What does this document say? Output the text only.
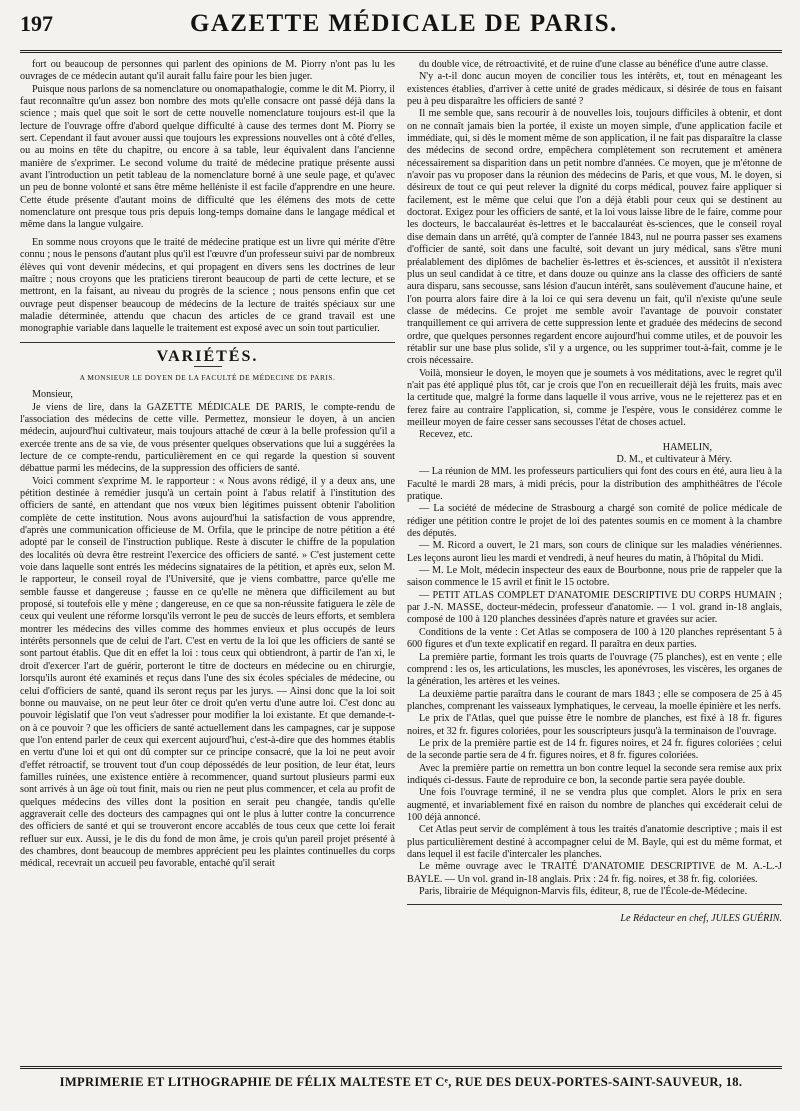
197	GAZETTE MÉDICALE DE PARIS.

fort ou beaucoup de personnes qui parlent des opinions de M. Piorry n'ont pas lu les ouvrages de ce médecin autant qu'il aurait fallu faire pour les bien juger.

Puisque nous parlons de sa nomenclature ou onomapathalogie, comme le dit M. Piorry, il faut reconnaître qu'un assez bon nombre des mots qu'elle consacre ont passé déjà dans la science ; mais quel que soit le sort de cette nouvelle nomenclature toujours est-il que la lecture de l'ouvrage offre d'abord quelque difficulté à cause des termes dont M. Piorry se sert. Cependant il faut avouer aussi que toujours les expressions nouvelles ont à côté d'elles, ou au moins en tête du chapitre, ou encore à sa table, leur équivalent dans l'ancienne manière de s'exprimer. Le second volume du traité de médecine pratique présente aussi avant l'introduction un petit tableau de la nomenclature borné à une seule page, et qu'avec un peu de bonne volonté et sans être même helléniste il est facile d'apprendre en une heure. Cette étude présente d'autant moins de difficulté que les élémens des mots de cette nomenclature ont presque tous pris depuis long-temps domaine dans le langage médical et même dans la langue vulgaire.

En somme nous croyons que le traité de médecine pratique est un livre qui mérite d'être connu ; nous le pensons d'autant plus qu'il est l'œuvre d'un professeur suivi par de nombreux élèves qui vont devenir médecins, et qui propagent en divers sens les doctrines de leur maître ; nous croyons que les praticiens tireront beaucoup de parti de cette lecture, et se mettront, en la faisant, au niveau du progrès de la science ; nous pensons enfin que cet ouvrage peut dispenser beaucoup de médecins de la lecture de traités spéciaux sur une maladie déterminée, attendu que chacun des articles de ce grand travail est une monographie variable dans laquelle le traitement est exposé avec un soin tout particulier.

VARIÉTÉS.
A MONSIEUR LE DOYEN DE LA FACULTÉ DE MÉDECINE DE PARIS.

Monsieur,

Je viens de lire, dans la GAZETTE MÉDICALE DE PARIS, le compte-rendu de l'association des médecins de cette ville. Permettez, monsieur le doyen, à un ancien médecin, aujourd'hui cultivateur, mais toujours attaché de cœur à la belle profession qu'il a exercée trente ans de sa vie, de vous présenter quelques observations que lui a suggérées la lecture de ce compte-rendu, particulièrement en ce qui regarde la question si souvent débattue parmi les médecins, de la suppression des officiers de santé.

Voici comment s'exprime M. le rapporteur : « Nous avons rédigé, il y a deux ans, une pétition destinée à remédier jusqu'à un certain point à l'abus relatif à l'institution des officiers de santé, en attendant que nos vœux bien légitimes puissent obtenir l'abolition complète de cette institution. Nous avons aujourd'hui la satisfaction de vous apprendre, d'après une communication officieuse de M. Orfila, que le principe de notre pétition a été adopté par le conseil de l'instruction publique. Reste à discuter le chiffre de la population des localités où devra être restreint l'exercice des officiers de santé. » C'est justement cette voie dans laquelle sont entrés les médecins signataires de la pétition, et après eux, selon M. le rapporteur, le conseil royal de l'Université, que je viens combattre, parce qu'elle me semble fausse et dangereuse ; fausse en ce qu'elle ne mènera que difficilement au but proposé, si toutefois elle y mène ; dangereuse, en ce que sa non-réussite fatiguera le zèle de ceux qui veulent une réforme lorsqu'ils verront le peu de succès de leurs efforts, et semblera montrer les médecins des villes comme des hommes envieux et plus occupés de leurs intérêts personnels que de celui de l'art. C'est en vertu de la loi que les officiers de santé se sont partout établis. Que dit en effet la loi : tous ceux qui obtiendront, à partir de l'an xi, le droit d'exercer l'art de guérir, porteront le titre de docteurs en médecine ou en chirurgie, lorsqu'ils auront été examinés et reçus dans l'une des six écoles spéciales de médecine, ou celui d'officiers de santé, quand ils seront reçus par les jurys. — Ainsi donc que la loi soit bonne ou mauvaise, on ne peut leur ôter ce droit qu'en vertu d'une autre loi. C'est donc au pouvoir législatif que l'on veut s'adresser pour modifier la loi existante. Et que demande-t-on à ce pouvoir ? que les officiers de santé actuellement dans les campagnes, car je suppose que l'on entend parler de ceux qui exercent aujourd'hui, c'est-à-dire que des hommes établis en vertu d'une loi et qui ont dû compter sur ce principe consacré, que la loi ne peut avoir d'effet rétroactif, se trouvent tout d'un coup dépossédés de leur position, de leur état, leurs familles ruinées, une existence entière à recommencer, quand surtout plusieurs parmi eux sont arrivés à un âge où tout finit, mais ou rien ne peut plus commencer, et cela au profit de quelques médecins des villes dont la position en serait peu changée, tandis qu'elle aggraverait celle des docteurs des campagnes qui ont le plus à lutter contre la concurrence des officiers de santé et qui se trouveront encore accablés de tous ceux que cette loi ferait refluer sur eux. Aussi, je le dis du fond de mon âme, je crois qu'un pareil projet présenté à des chambres, dont beaucoup de membres apprécient peu les plaintes continuelles du corps médical, recevrait un accueil peu favorable, entaché qu'il serait

du double vice, de rétroactivité, et de ruine d'une classe au bénéfice d'une autre classe.

N'y a-t-il donc aucun moyen de concilier tous les intérêts, et, tout en ménageant les existences établies, d'arriver à cette unité de grades médicaux, si désirée de tous en faisant peu à peu disparaître les officiers de santé ?

Il me semble que, sans recourir à de nouvelles lois, toujours difficiles à obtenir, et dont on ne connaît jamais bien la portée, il existe un moyen simple, d'une application facile et immédiate, qui, si dès le moment même de son application, il ne fait pas disparaître la classe des médecins de second ordre, empêchera complètement son recrutement et amènera nécessairement sa disparition dans un petit nombre d'années. Ce moyen, que je m'étonne de n'avoir pas vu proposer dans la réunion des médecins de Paris, et que vous, M. le doyen, si désireux de tout ce qui peut relever la dignité du corps médical, pouvez faire appliquer si facilement, est le même que celui que l'on a déjà établi pour ceux qui se destinent au doctorat. Exigez pour les officiers de santé, et la loi vous laisse libre de le faire, comme pour les docteurs, le baccalauréat ès-lettres et le baccalauréat ès-sciences, que le conseil royal dise demain dans un arrêté, qu'à compter de l'année 1843, nul ne pourra passer ses examens d'officier de santé, soit dans une faculté, soit devant un jury médical, sans s'être muni préalablement des diplômes de bachelier ès-lettres et ès-sciences, et aussitôt il n'existera plus un seul candidat à ce titre, et dans douze ou quinze ans la classe des officiers de santé aura disparu, sans secousse, sans lésion d'aucun intérêt, sans soulèvement d'aucune haine, et l'on pourra alors faire dire à la loi ce qui sera devenu un fait, qu'il n'existe qu'une seule classe de médecins. Ce projet me semble avoir l'avantage de pouvoir constater tranquillement ce qui arrivera de cette suppression lente et graduée des médecins de second ordre, que quelques personnes regardent encore aujourd'hui comme utiles, et de pouvoir les rétablir sur une base plus solide, s'il y a urgence, ou les supprimer tout-à-fait, comme je le crois nécessaire.

Voilà, monsieur le doyen, le moyen que je soumets à vos méditations, avec le regret qu'il n'ait pas été appliqué plus tôt, car je crois que l'on en recueillerait déjà les fruits, mais avec la certitude que, malgré la forme dans laquelle il vous arrive, vous ne le rejetterez pas et en ferez faire au contraire l'application, si, comme je l'espère, vous le considérez comme le meilleur moyen de faire cesser sans secousses l'état de choses actuel.

Recevez, etc.

HAMELIN,
D. M., et cultivateur à Méry.

— La réunion de MM. les professeurs particuliers qui font des cours en été, aura lieu à la Faculté le mardi 28 mars, à midi précis, pour la distribution des amphithéâtres de l'école pratique.

— La société de médecine de Strasbourg a chargé son comité de police médicale de rédiger une pétition contre le projet de loi des patentes soumis en ce moment à la chambre des députés.

— M. Ricord a ouvert, le 21 mars, son cours de clinique sur les maladies vénériennes. Les leçons auront lieu les mardi et vendredi, à neuf heures du matin, à l'hôpital du Midi.

— M. Le Molt, médecin inspecteur des eaux de Bourbonne, nous prie de rappeler que la saison commence le 15 avril et finit le 15 octobre.

— PETIT ATLAS COMPLET D'ANATOMIE DESCRIPTIVE DU CORPS HUMAIN ; par J.-N. MASSE, docteur-médecin, professeur d'anatomie. — 1 vol. grand in-18 anglais, composé de 100 à 120 planches dessinées d'après nature et gravées sur acier.

Conditions de la vente : Cet Atlas se composera de 100 à 120 planches représentant 5 à 600 figures et d'un texte explicatif en regard. Il paraîtra en deux parties.

La première partie, formant les trois quarts de l'ouvrage (75 planches), est en vente ; elle comprend : les os, les articulations, les muscles, les aponévroses, les viscères, les organes de la génération, les artères et les veines.

La deuxième partie paraîtra dans le courant de mars 1843 ; elle se composera de 25 à 45 planches, comprenant les vaisseaux lymphatiques, le cerveau, la moelle épinière et les nerfs.

Le prix de l'Atlas, quel que puisse être le nombre de planches, est fixé à 18 fr. figures noires, et 32 fr. figures coloriées, pour les souscripteurs jusqu'à la terminaison de l'ouvrage.

Le prix de la première partie est de 14 fr. figures noires, et 24 fr. figures coloriées ; celui de la seconde partie sera de 4 fr. figures noires, et 8 fr. figures coloriées.

Avec la première partie on remettra un bon contre lequel la seconde sera remise aux prix indiqués ci-dessus. Faute de reproduire ce bon, la seconde partie sera payée double.

Une fois l'ouvrage terminé, il ne se vendra plus que complet. Alors le prix en sera augmenté, et invariablement fixé en raison du nombre de planches qui excéderait celui de 100 déjà annoncé.

Cet Atlas peut servir de complément à tous les traités d'anatomie descriptive ; mais il est plus particulièrement destiné à accompagner celui de M. Bayle, qui est du même format, et dans lequel il est facile d'intercaler les planches.

Le même ouvrage avec le TRAITÉ D'ANATOMIE DESCRIPTIVE de M. A.-L.-J BAYLE. — Un vol. grand in-18 anglais. Prix : 24 fr. fig. noires, et 38 fr. fig. coloriées.

Paris, librairie de Méquignon-Marvis fils, éditeur, 8, rue de l'École-de-Médecine.

Le Rédacteur en chef, JULES GUÉRIN.
IMPRIMERIE ET LITHOGRAPHIE DE FÉLIX MALTESTE ET Cᵉ, RUE DES DEUX-PORTES-SAINT-SAUVEUR, 18.
